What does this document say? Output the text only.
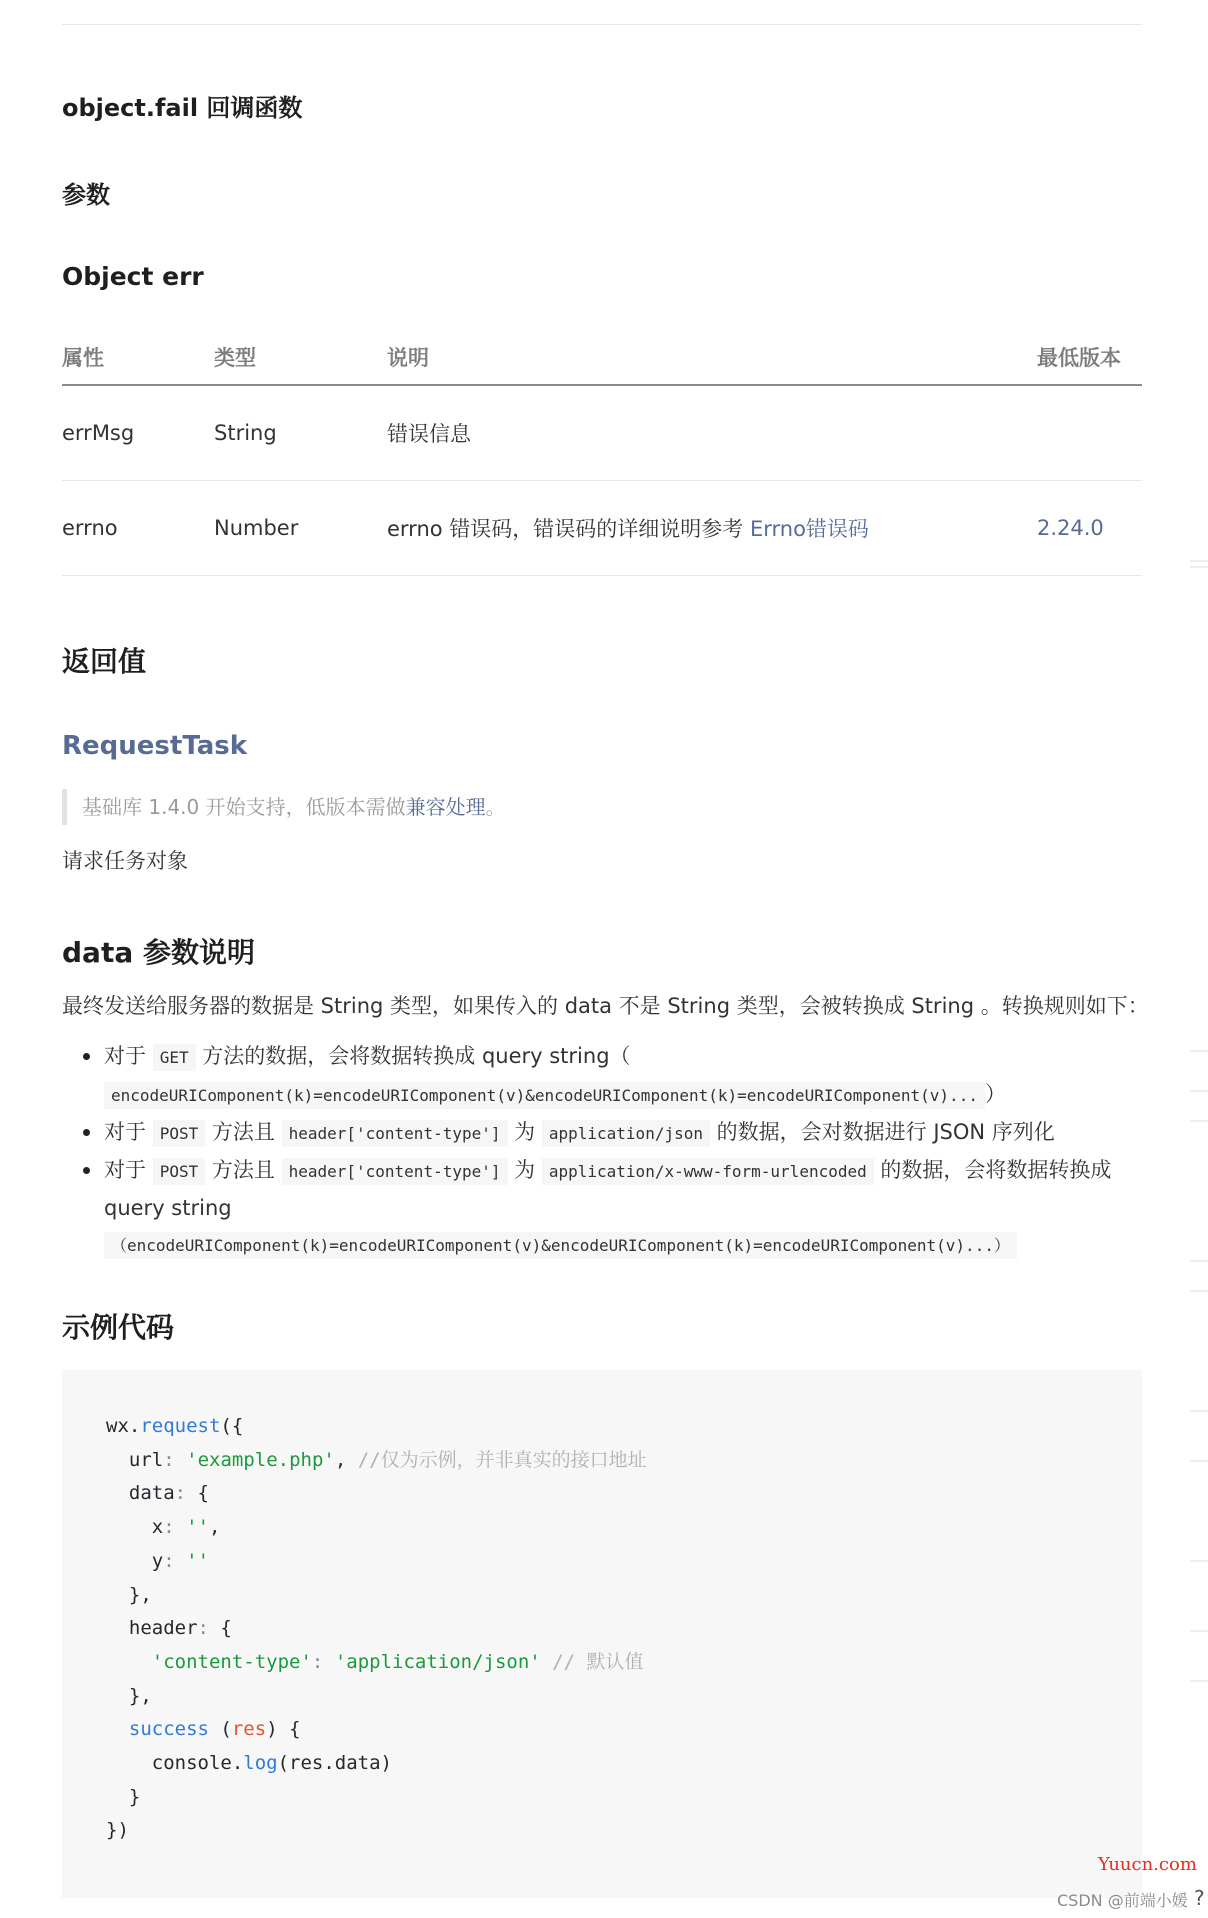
object.fail 回调函数
参数
Object err
属性	类型	说明	最低版本
errMsg	String	错误信息	
errno	Number	errno 错误码，错误码的详细说明参考 Errno错误码	2.24.0
返回值
RequestTask
基础库 1.4.0 开始支持，低版本需做兼容处理。

请求任务对象

data 参数说明

最终发送给服务器的数据是 String 类型，如果传入的 data 不是 String 类型，会被转换成 String 。转换规则如下：

对于 GET 方法的数据，会将数据转换成 query string（
encodeURIComponent(k)=encodeURIComponent(v)&encodeURIComponent(k)=encodeURIComponent(v)... ）
对于 POST 方法且 header['content-type'] 为 application/json 的数据，会对数据进行 JSON 序列化
对于 POST 方法且 header['content-type'] 为 application/x-www-form-urlencoded 的数据，会将数据转换成
query string
（encodeURIComponent(k)=encodeURIComponent(v)&encodeURIComponent(k)=encodeURIComponent(v)...）
示例代码
wx.request({
url: 'example.php', //仅为示例，并非真实的接口地址
data: {
x: '',
y: ''
},
header: {
'content-type': 'application/json' // 默认值
},
success (res) {
console.log(res.data)
}
})
Yuucn.com
CSDN @前端小媛 ?
